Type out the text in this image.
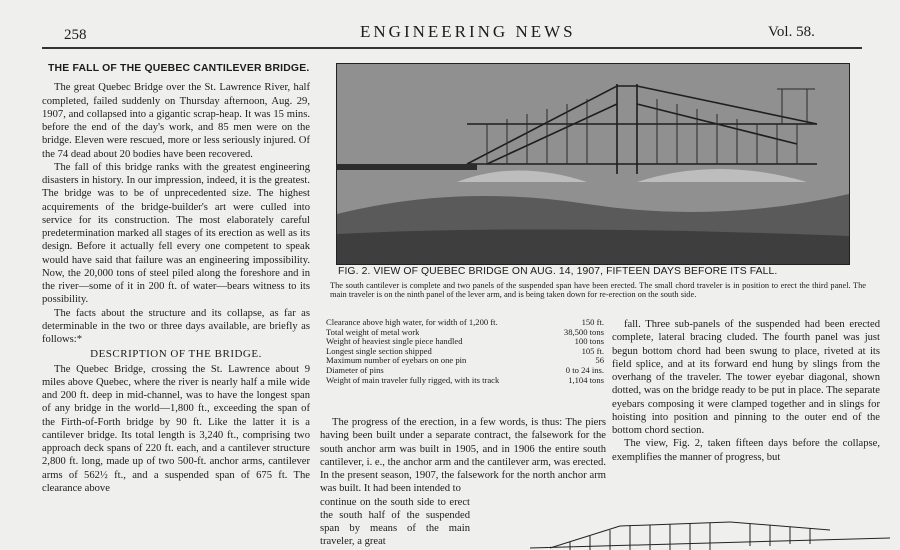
258	ENGINEERING NEWS	Vol. 58.
THE FALL OF THE QUEBEC CANTILEVER BRIDGE.

The great Quebec Bridge over the St. Lawrence River, half completed, failed suddenly on Thursday afternoon, Aug. 29, 1907, and collapsed into a gigantic scrap-heap. It was 15 mins. before the end of the day's work, and 85 men were on the bridge. Eleven were rescued, more or less seriously injured. Of the 74 dead about 20 bodies have been recovered.

The fall of this bridge ranks with the greatest engineering disasters in history. In our impression, indeed, it is the greatest. The bridge was to be of unprecedented size. The highest acquirements of the bridge-builder's art were culled into service for its construction. The most elaborately careful predetermination marked all stages of its erection as well as its design. Before it actually fell every one competent to speak would have said that failure was an engineering impossibility. Now, the 20,000 tons of steel piled along the foreshore and in the river—some of it in 200 ft. of water—bears witness to its possibility.

The facts about the structure and its collapse, as far as determinable in the two or three days available, are briefly as follows:*

DESCRIPTION OF THE BRIDGE.

The Quebec Bridge, crossing the St. Lawrence about 9 miles above Quebec, where the river is nearly half a mile wide and 200 ft. deep in mid-channel, was to have the longest span of any bridge in the world—1,800 ft., exceeding the span of the Firth-of-Forth bridge by 90 ft. Like the latter it is a cantilever bridge. Its total length is 3,240 ft., comprising two approach deck spans of 220 ft. each, and a cantilever structure 2,800 ft. long, made up of two 500-ft. anchor arms, cantilever arms of 562½ ft., and a suspended span of 675 ft. The clearance above

FIG. 2. VIEW OF QUEBEC BRIDGE ON AUG. 14, 1907, FIFTEEN DAYS BEFORE ITS FALL.
The south cantilever is complete and two panels of the suspended span have been erected. The small chord traveler is in position to erect the third panel. The main traveler is on the ninth panel of the lever arm, and is being taken down for re-erection on the south side.
Clearance above high water, for width of 1,200 ft.	150 ft.
Total weight of metal work	38,500 tons
Weight of heaviest single piece handled	100 tons
Longest single section shipped	105 ft.
Maximum number of eyebars on one pin	56
Diameter of pins	0 to 24 ins.
Weight of main traveler fully rigged, with its track	1,104 tons

The progress of the erection, in a few words, is thus: The piers having been built under a separate contract, the falsework for the south anchor arm was built in 1905, and in 1906 the entire south cantilever, i. e., the anchor arm and the cantilever arm, was erected. In the present season, 1907, the falsework for the north anchor arm was built. It had been intended to

continue on the south side to erect the south half of the suspended span by means of the main traveler, a great

fall. Three sub-panels of the suspended had been erected complete, lateral bracing cluded. The fourth panel was just begun bottom chord had been swung to place, riveted at its field splice, and at its forward end hung by slings from the overhang of the traveler. The tower eyebar diagonal, shown dotted, was on the bridge ready to be put in place. The separate eyebars composing it were clamped together and in slings for hoisting into position and pinning to the outer end of the bottom chord section.

The view, Fig. 2, taken fifteen days before the collapse, exemplifies the manner of progress, but
